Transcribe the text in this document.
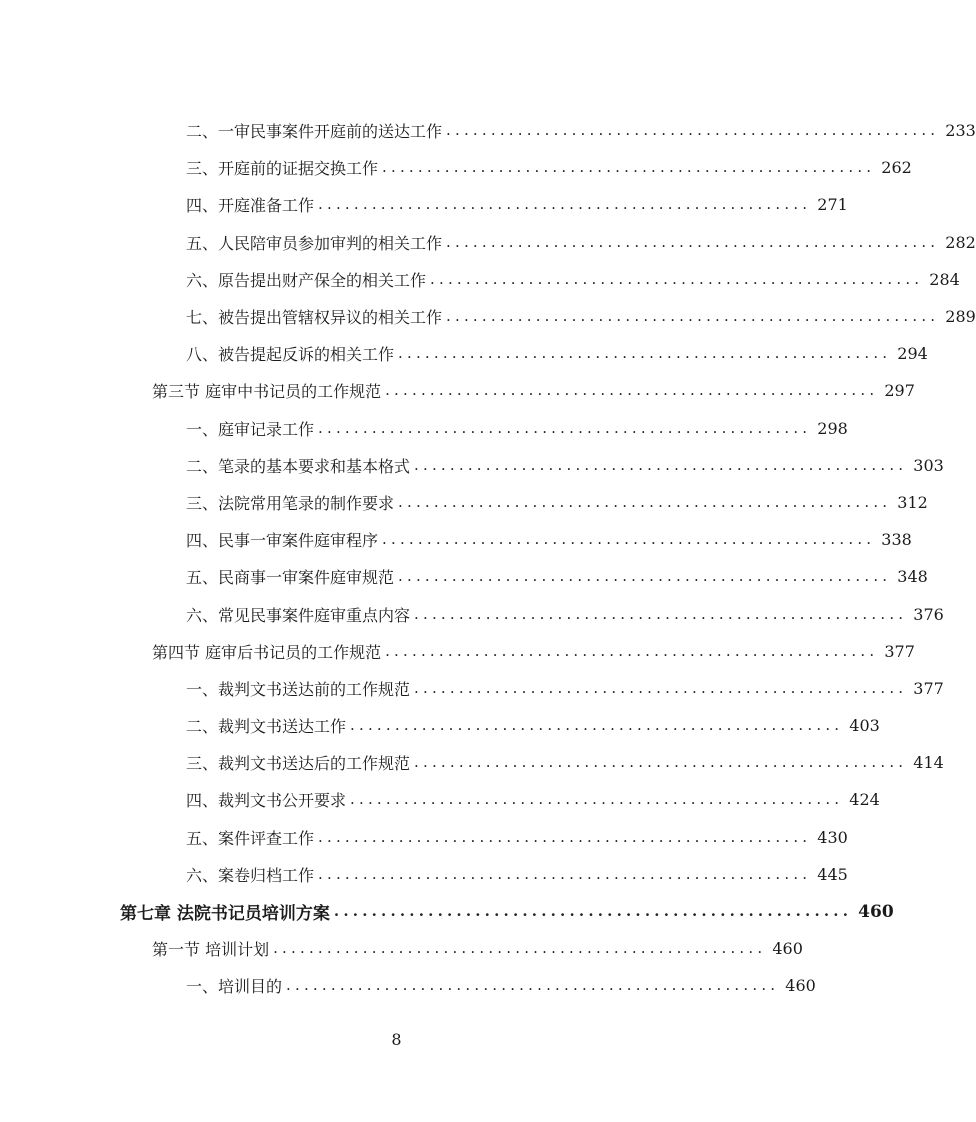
二、一审民事案件开庭前的送达工作 ....................................................... 233
三、开庭前的证据交换工作 ....................................................... 262
四、开庭准备工作 ....................................................... 271
五、人民陪审员参加审判的相关工作 ....................................................... 282
六、原告提出财产保全的相关工作 ....................................................... 284
七、被告提出管辖权异议的相关工作 ....................................................... 289
八、被告提起反诉的相关工作 ....................................................... 294
第三节 庭审中书记员的工作规范 ....................................................... 297
一、庭审记录工作 ....................................................... 298
二、笔录的基本要求和基本格式 ....................................................... 303
三、法院常用笔录的制作要求 ....................................................... 312
四、民事一审案件庭审程序 ....................................................... 338
五、民商事一审案件庭审规范 ....................................................... 348
六、常见民事案件庭审重点内容 ....................................................... 376
第四节 庭审后书记员的工作规范 ....................................................... 377
一、裁判文书送达前的工作规范 ....................................................... 377
二、裁判文书送达工作 ....................................................... 403
三、裁判文书送达后的工作规范 ....................................................... 414
四、裁判文书公开要求 ....................................................... 424
五、案件评查工作 ....................................................... 430
六、案卷归档工作 ....................................................... 445
第七章 法院书记员培训方案 ....................................................... 460
第一节 培训计划 ....................................................... 460
一、培训目的 ....................................................... 460
8
